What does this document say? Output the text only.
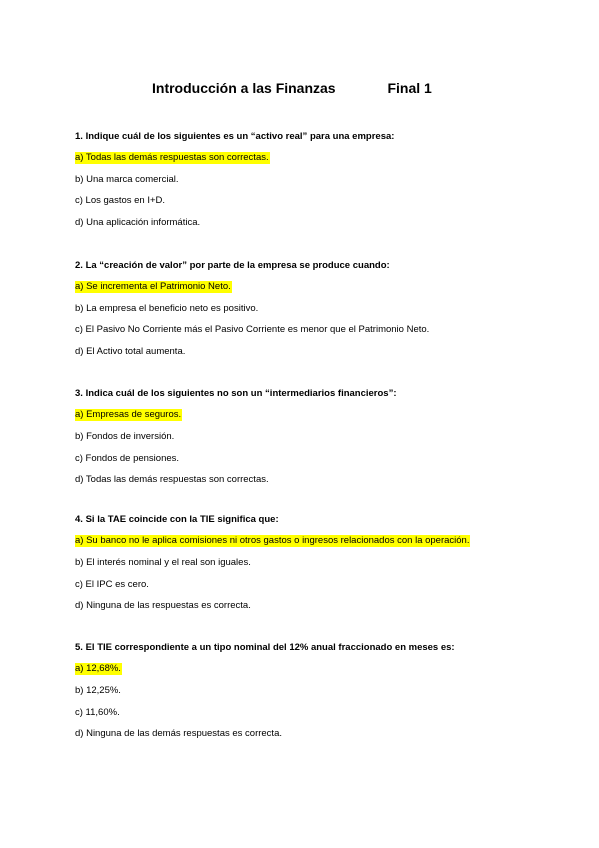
Introducción a las Finanzas	Final 1
1. Indique cuál de los siguientes es un “activo real” para una empresa:
a) Todas las demás respuestas son correctas.
b) Una marca comercial.
c) Los gastos en I+D.
d) Una aplicación informática.
2. La “creación de valor” por parte de la empresa se produce cuando:
a) Se incrementa el Patrimonio Neto.
b) La empresa el beneficio neto es positivo.
c) El Pasivo No Corriente más el Pasivo Corriente es menor que el Patrimonio Neto.
d) El Activo total aumenta.
3. Indica cuál de los siguientes no son un “intermediarios financieros”:
a) Empresas de seguros.
b) Fondos de inversión.
c) Fondos de pensiones.
d) Todas las demás respuestas son correctas.
4. Si la TAE coincide con la TIE significa que:
a) Su banco no le aplica comisiones ni otros gastos o ingresos relacionados con la operación.
b) El interés nominal y el real son iguales.
c) El IPC es cero.
d) Ninguna de las respuestas es correcta.
5. El TIE correspondiente a un tipo nominal del 12% anual fraccionado en meses es:
a) 12,68%.
b) 12,25%.
c) 11,60%.
d) Ninguna de las demás respuestas es correcta.
